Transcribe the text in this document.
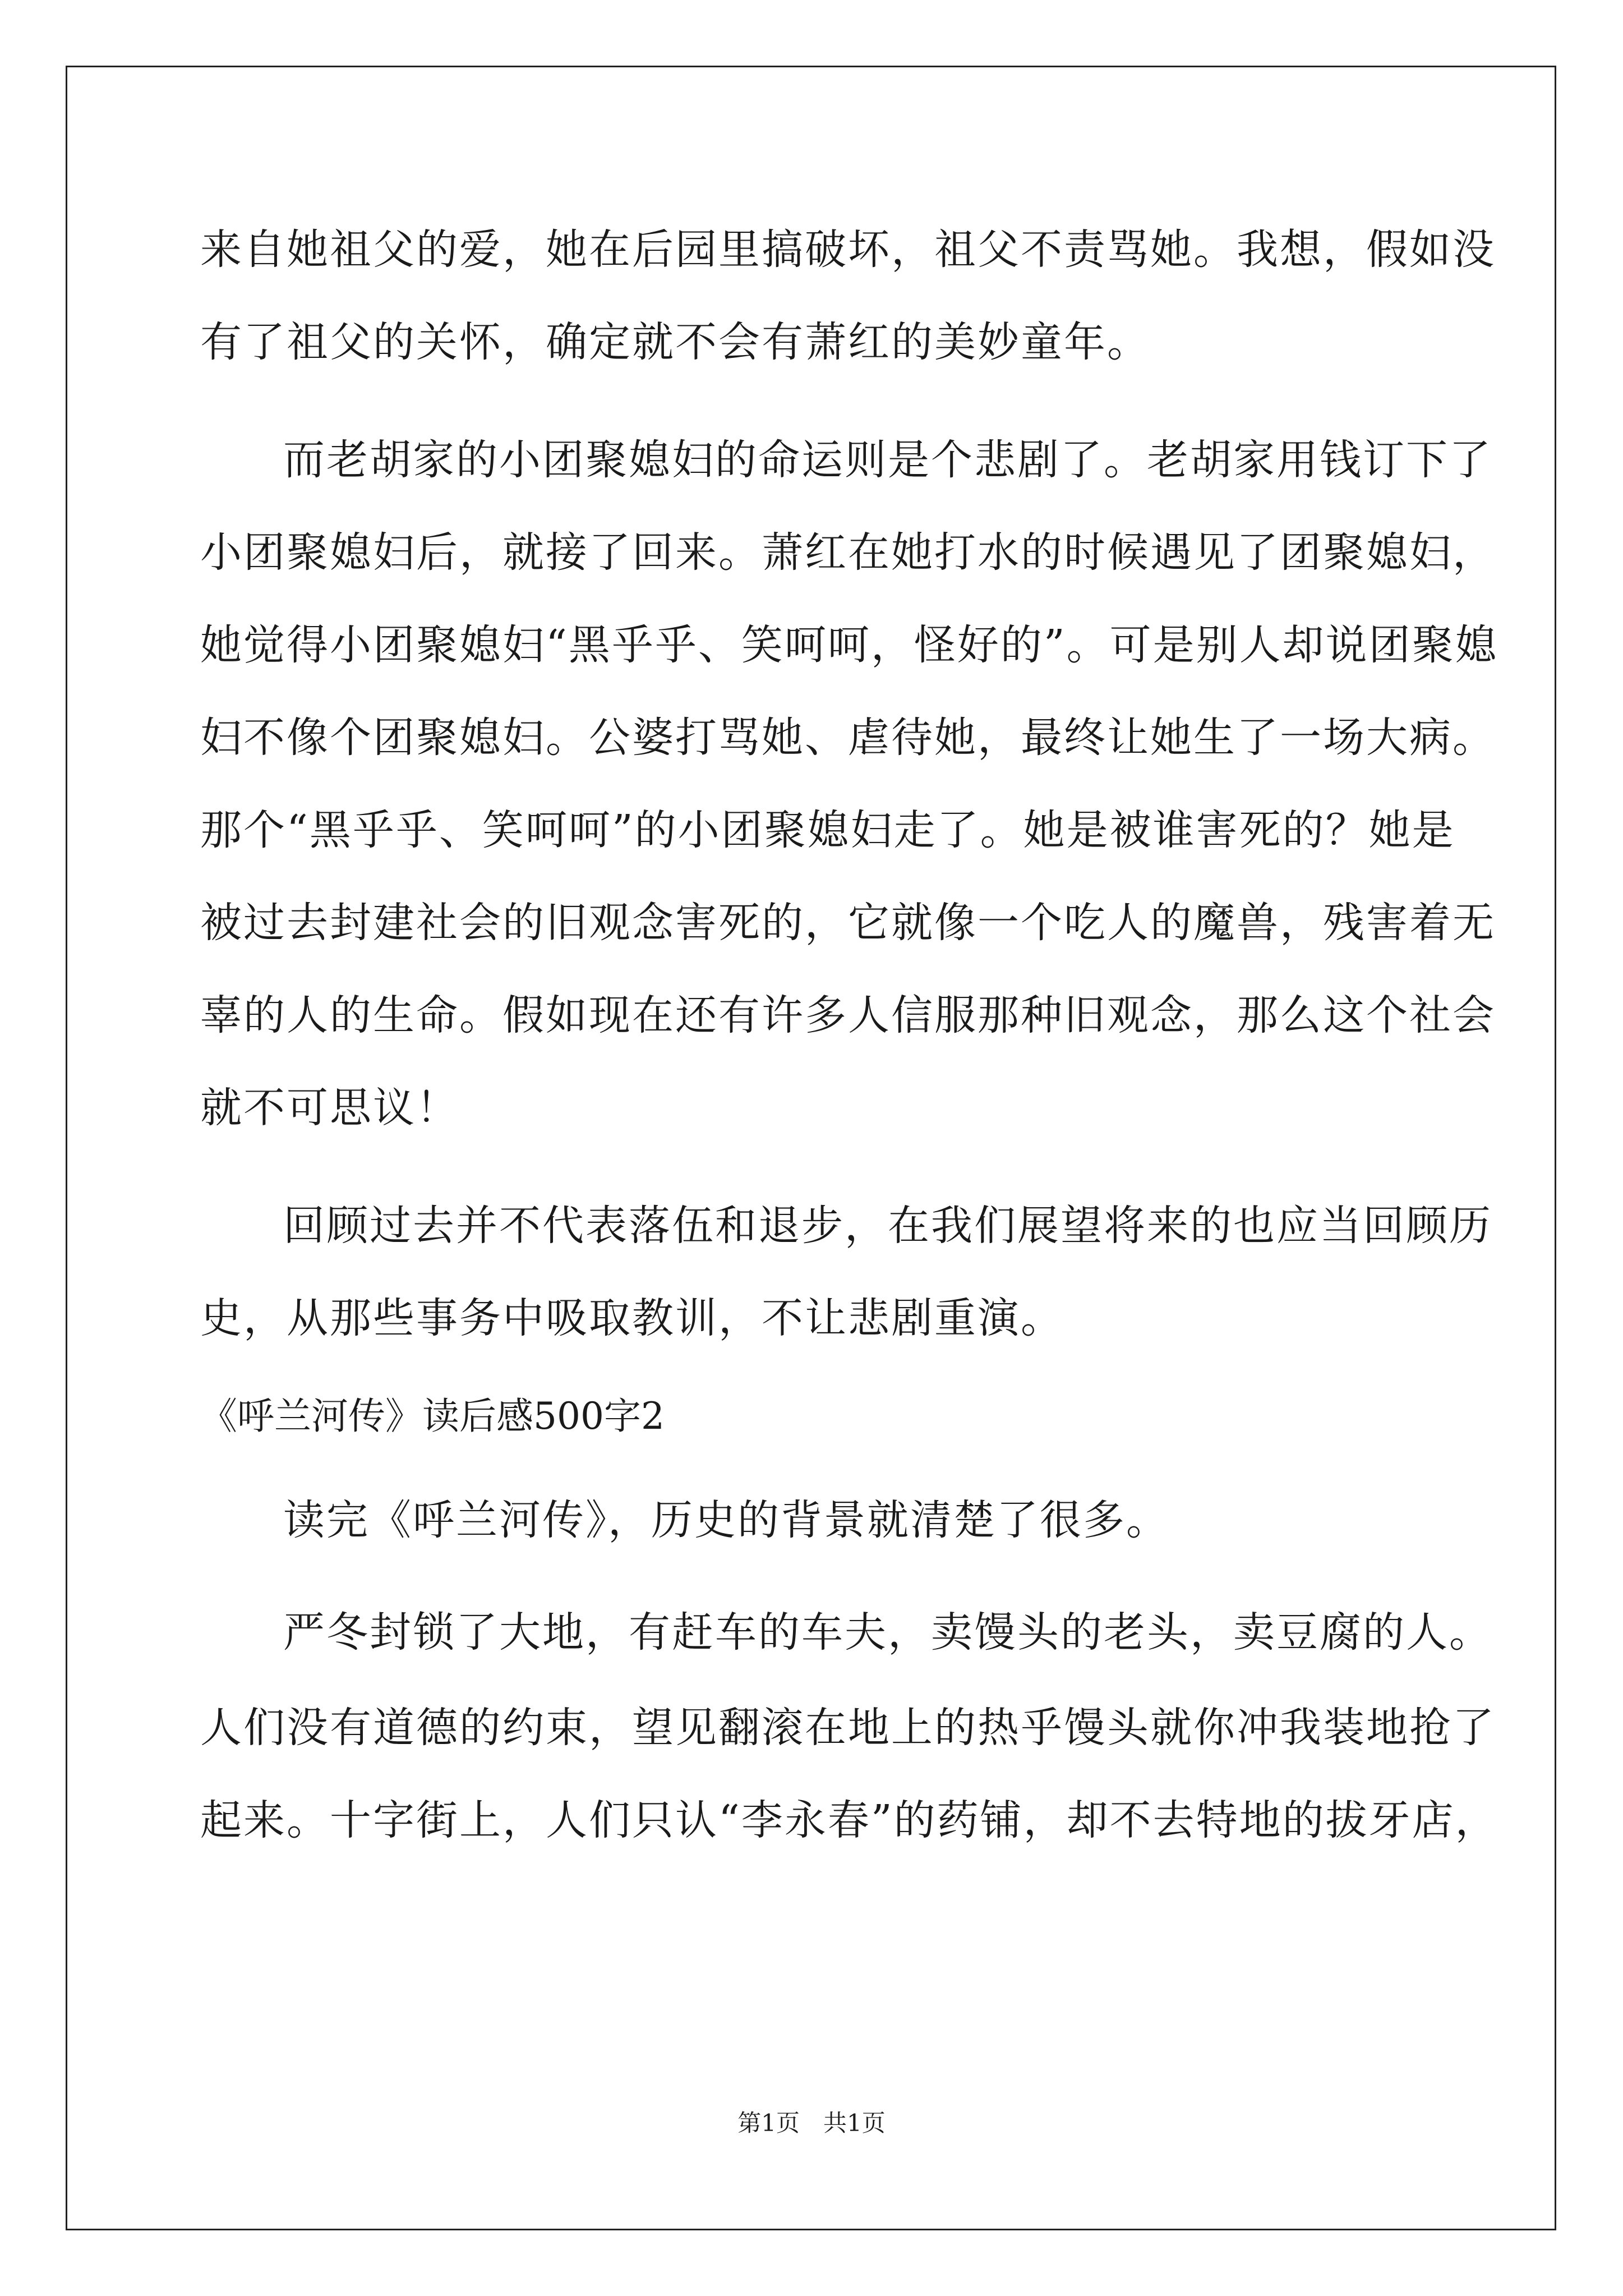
来自她祖父的爱，她在后园里搞破坏，祖父不责骂她。我想，假如没
有了祖父的关怀，确定就不会有萧红的美妙童年。
而老胡家的小团聚媳妇的命运则是个悲剧了。老胡家用钱订下了
小团聚媳妇后，就接了回来。萧红在她打水的时候遇见了团聚媳妇，
她觉得小团聚媳妇“黑乎乎、笑呵呵，怪好的”。可是别人却说团聚媳
妇不像个团聚媳妇。公婆打骂她、虐待她，最终让她生了一场大病。
那个“黑乎乎、笑呵呵”的小团聚媳妇走了。她是被谁害死的？她是
被过去封建社会的旧观念害死的，它就像一个吃人的魔兽，残害着无
辜的人的生命。假如现在还有许多人信服那种旧观念，那么这个社会
就不可思议！
回顾过去并不代表落伍和退步，在我们展望将来的也应当回顾历
史，从那些事务中吸取教训，不让悲剧重演。
《呼兰河传》读后感500字2
读完《呼兰河传》，历史的背景就清楚了很多。
严冬封锁了大地，有赶车的车夫，卖馒头的老头，卖豆腐的人。
人们没有道德的约束，望见翻滚在地上的热乎馒头就你冲我装地抢了
起来。十字街上，人们只认“李永春”的药铺，却不去特地的拔牙店，
第1页　共1页
